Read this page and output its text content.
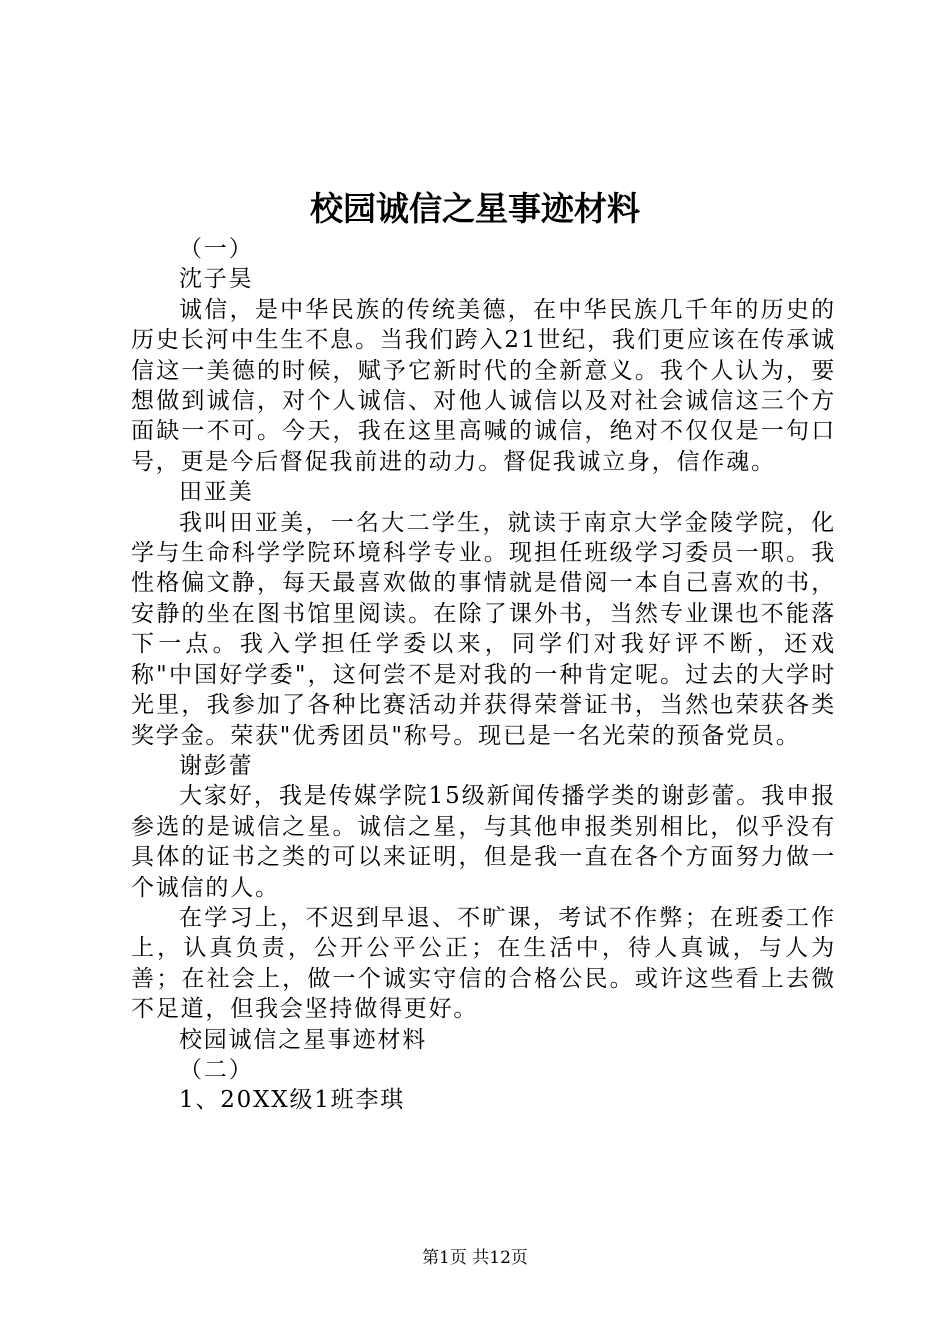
校园诚信之星事迹材料

（一）

沈子昊

诚信，是中华民族的传统美德，在中华民族几千年的历史的历史长河中生生不息。当我们跨入21世纪，我们更应该在传承诚信这一美德的时候，赋予它新时代的全新意义。我个人认为，要想做到诚信，对个人诚信、对他人诚信以及对社会诚信这三个方面缺一不可。今天，我在这里高喊的诚信，绝对不仅仅是一句口号，更是今后督促我前进的动力。督促我诚立身，信作魂。

田亚美

我叫田亚美，一名大二学生，就读于南京大学金陵学院，化学与生命科学学院环境科学专业。现担任班级学习委员一职。我性格偏文静，每天最喜欢做的事情就是借阅一本自己喜欢的书，安静的坐在图书馆里阅读。在除了课外书，当然专业课也不能落下一点。我入学担任学委以来，同学们对我好评不断，还戏称"中国好学委"，这何尝不是对我的一种肯定呢。过去的大学时光里，我参加了各种比赛活动并获得荣誉证书，当然也荣获各类奖学金。荣获"优秀团员"称号。现已是一名光荣的预备党员。

谢彭蕾

大家好，我是传媒学院15级新闻传播学类的谢彭蕾。我申报参选的是诚信之星。诚信之星，与其他申报类别相比，似乎没有具体的证书之类的可以来证明，但是我一直在各个方面努力做一个诚信的人。

在学习上，不迟到早退、不旷课，考试不作弊；在班委工作上，认真负责，公开公平公正；在生活中，待人真诚，与人为善；在社会上，做一个诚实守信的合格公民。或许这些看上去微不足道，但我会坚持做得更好。

校园诚信之星事迹材料

（二）

1、20XX级1班李琪

第1页 共12页
